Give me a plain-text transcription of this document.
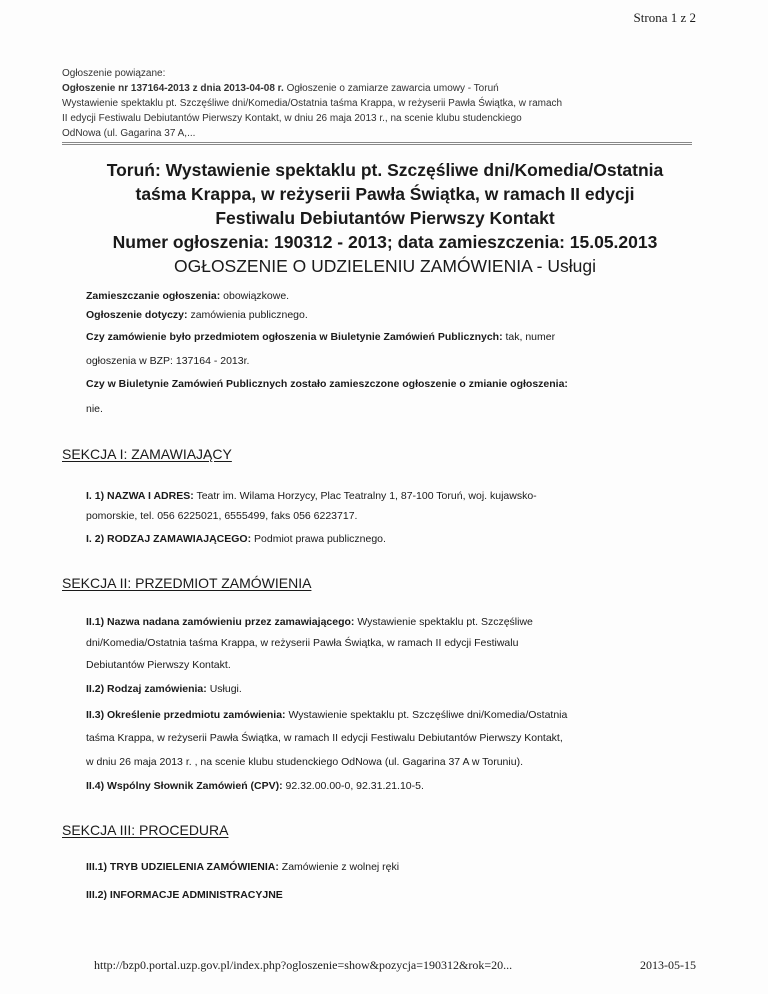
Strona 1 z 2
Ogłoszenie powiązane:
Ogłoszenie nr 137164-2013 z dnia 2013-04-08 r. Ogłoszenie o zamiarze zawarcia umowy - Toruń
Wystawienie spektaklu pt. Szczęśliwe dni/Komedia/Ostatnia taśma Krappa, w reżyserii Pawła Świątka, w ramach
II edycji Festiwalu Debiutantów Pierwszy Kontakt, w dniu 26 maja 2013 r., na scenie klubu studenckiego
OdNowa (ul. Gagarina 37 A,...
Toruń: Wystawienie spektaklu pt. Szczęśliwe dni/Komedia/Ostatnia
taśma Krappa, w reżyserii Pawła Świątka, w ramach II edycji
Festiwalu Debiutantów Pierwszy Kontakt
Numer ogłoszenia: 190312 - 2013; data zamieszczenia: 15.05.2013
OGŁOSZENIE O UDZIELENIU ZAMÓWIENIA - Usługi
Zamieszczanie ogłoszenia: obowiązkowe.
Ogłoszenie dotyczy: zamówienia publicznego.
Czy zamówienie było przedmiotem ogłoszenia w Biuletynie Zamówień Publicznych: tak, numer
ogłoszenia w BZP: 137164 - 2013r.
Czy w Biuletynie Zamówień Publicznych zostało zamieszczone ogłoszenie o zmianie ogłoszenia:
nie.
SEKCJA I: ZAMAWIAJĄCY
I. 1) NAZWA I ADRES: Teatr im. Wilama Horzycy, Plac Teatralny 1, 87-100 Toruń, woj. kujawsko-
pomorskie, tel. 056 6225021, 6555499, faks 056 6223717.
I. 2) RODZAJ ZAMAWIAJĄCEGO: Podmiot prawa publicznego.
SEKCJA II: PRZEDMIOT ZAMÓWIENIA
II.1) Nazwa nadana zamówieniu przez zamawiającego: Wystawienie spektaklu pt. Szczęśliwe
dni/Komedia/Ostatnia taśma Krappa, w reżyserii Pawła Świątka, w ramach II edycji Festiwalu
Debiutantów Pierwszy Kontakt.
II.2) Rodzaj zamówienia: Usługi.
II.3) Określenie przedmiotu zamówienia: Wystawienie spektaklu pt. Szczęśliwe dni/Komedia/Ostatnia
taśma Krappa, w reżyserii Pawła Świątka, w ramach II edycji Festiwalu Debiutantów Pierwszy Kontakt,
w dniu 26 maja 2013 r. , na scenie klubu studenckiego OdNowa (ul. Gagarina 37 A w Toruniu).
II.4) Wspólny Słownik Zamówień (CPV): 92.32.00.00-0, 92.31.21.10-5.
SEKCJA III: PROCEDURA
III.1) TRYB UDZIELENIA ZAMÓWIENIA: Zamówienie z wolnej ręki
III.2) INFORMACJE ADMINISTRACYJNE
http://bzp0.portal.uzp.gov.pl/index.php?ogloszenie=show&pozycja=190312&rok=20...	2013-05-15
